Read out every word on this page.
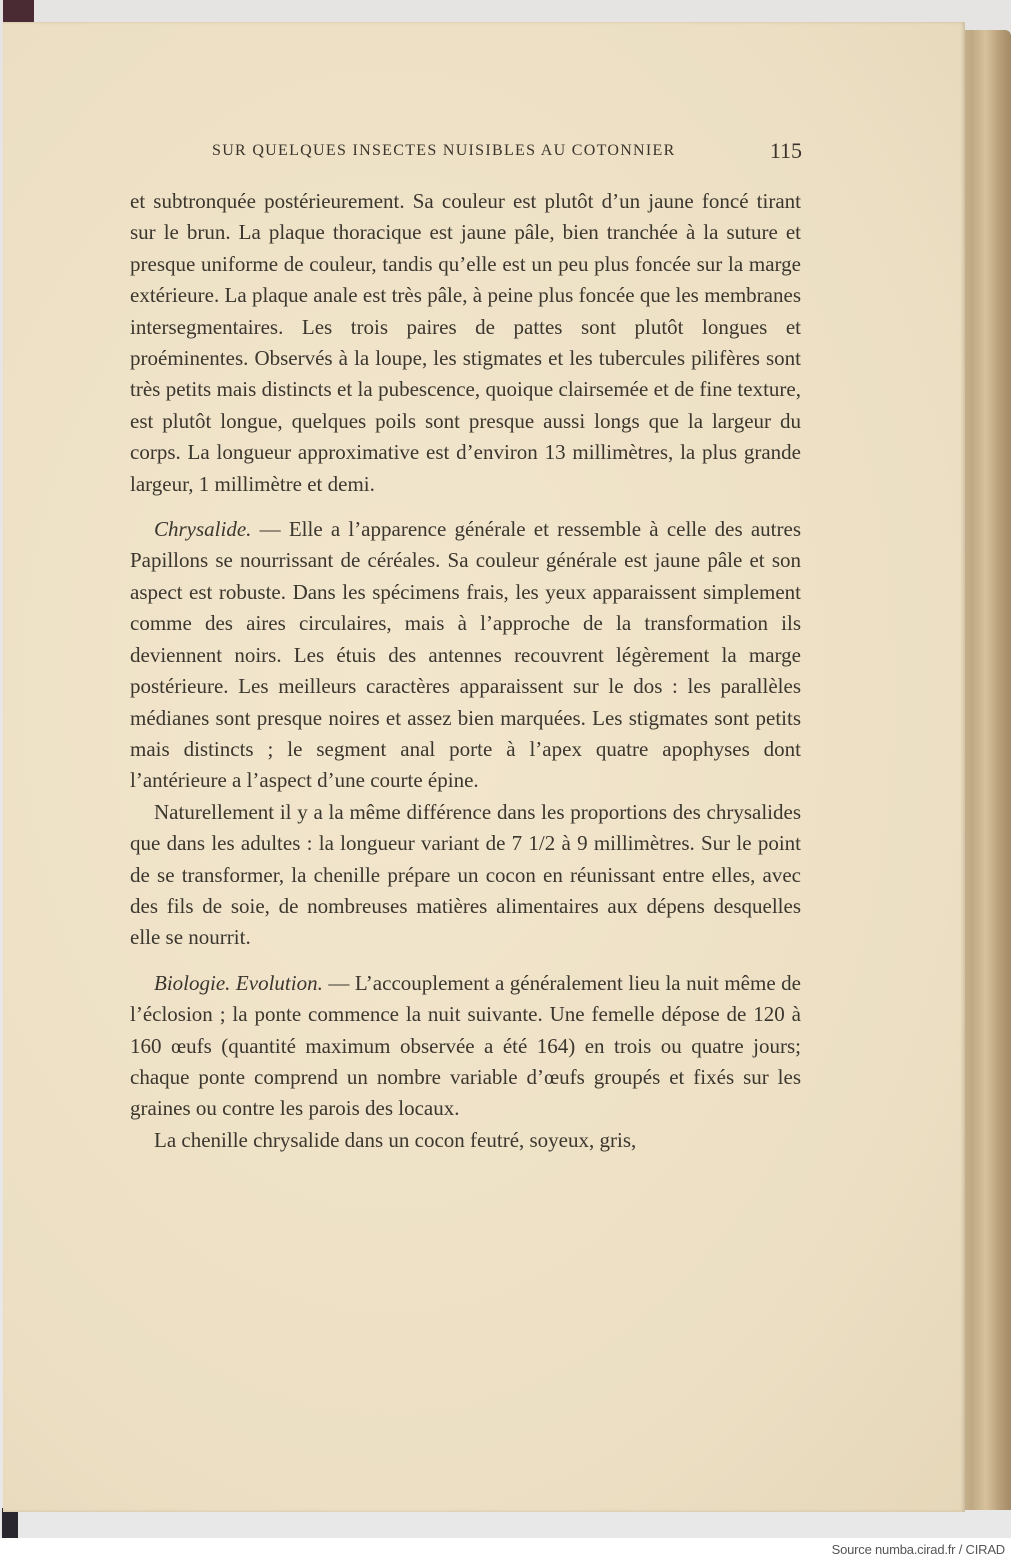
SUR QUELQUES INSECTES NUISIBLES AU COTONNIER	115

et subtronquée postérieurement. Sa couleur est plutôt d’un jaune foncé tirant sur le brun. La plaque thoracique est jaune pâle, bien tranchée à la suture et presque uniforme de couleur, tandis qu’elle est un peu plus foncée sur la marge extérieure. La plaque anale est très pâle, à peine plus foncée que les membranes intersegmentaires. Les trois paires de pattes sont plutôt longues et proéminentes. Observés à la loupe, les stigmates et les tubercules pilifères sont très petits mais distincts et la pubescence, quoique clairsemée et de fine texture, est plutôt longue, quelques poils sont presque aussi longs que la largeur du corps. La longueur approximative est d’environ 13 millimètres, la plus grande largeur, 1 millimètre et demi.

Chrysalide. — Elle a l’apparence générale et ressemble à celle des autres Papillons se nourrissant de céréales. Sa couleur générale est jaune pâle et son aspect est robuste. Dans les spécimens frais, les yeux apparaissent simplement comme des aires circulaires, mais à l’approche de la transformation ils deviennent noirs. Les étuis des antennes recouvrent légèrement la marge postérieure. Les meilleurs caractères apparaissent sur le dos : les parallèles médianes sont presque noires et assez bien marquées. Les stigmates sont petits mais distincts ; le segment anal porte à l’apex quatre apophyses dont l’antérieure a l’aspect d’une courte épine.

Naturellement il y a la même différence dans les proportions des chrysalides que dans les adultes : la longueur variant de 7 1/2 à 9 millimètres. Sur le point de se transformer, la chenille prépare un cocon en réunissant entre elles, avec des fils de soie, de nombreuses matières alimentaires aux dépens desquelles elle se nourrit.

Biologie. Evolution. — L’accouplement a généralement lieu la nuit même de l’éclosion ; la ponte commence la nuit suivante. Une femelle dépose de 120 à 160 œufs (quantité maximum observée a été 164) en trois ou quatre jours; chaque ponte comprend un nombre variable d’œufs groupés et fixés sur les graines ou contre les parois des locaux.

La chenille chrysalide dans un cocon feutré, soyeux, gris,

Source numba.cirad.fr / CIRAD
